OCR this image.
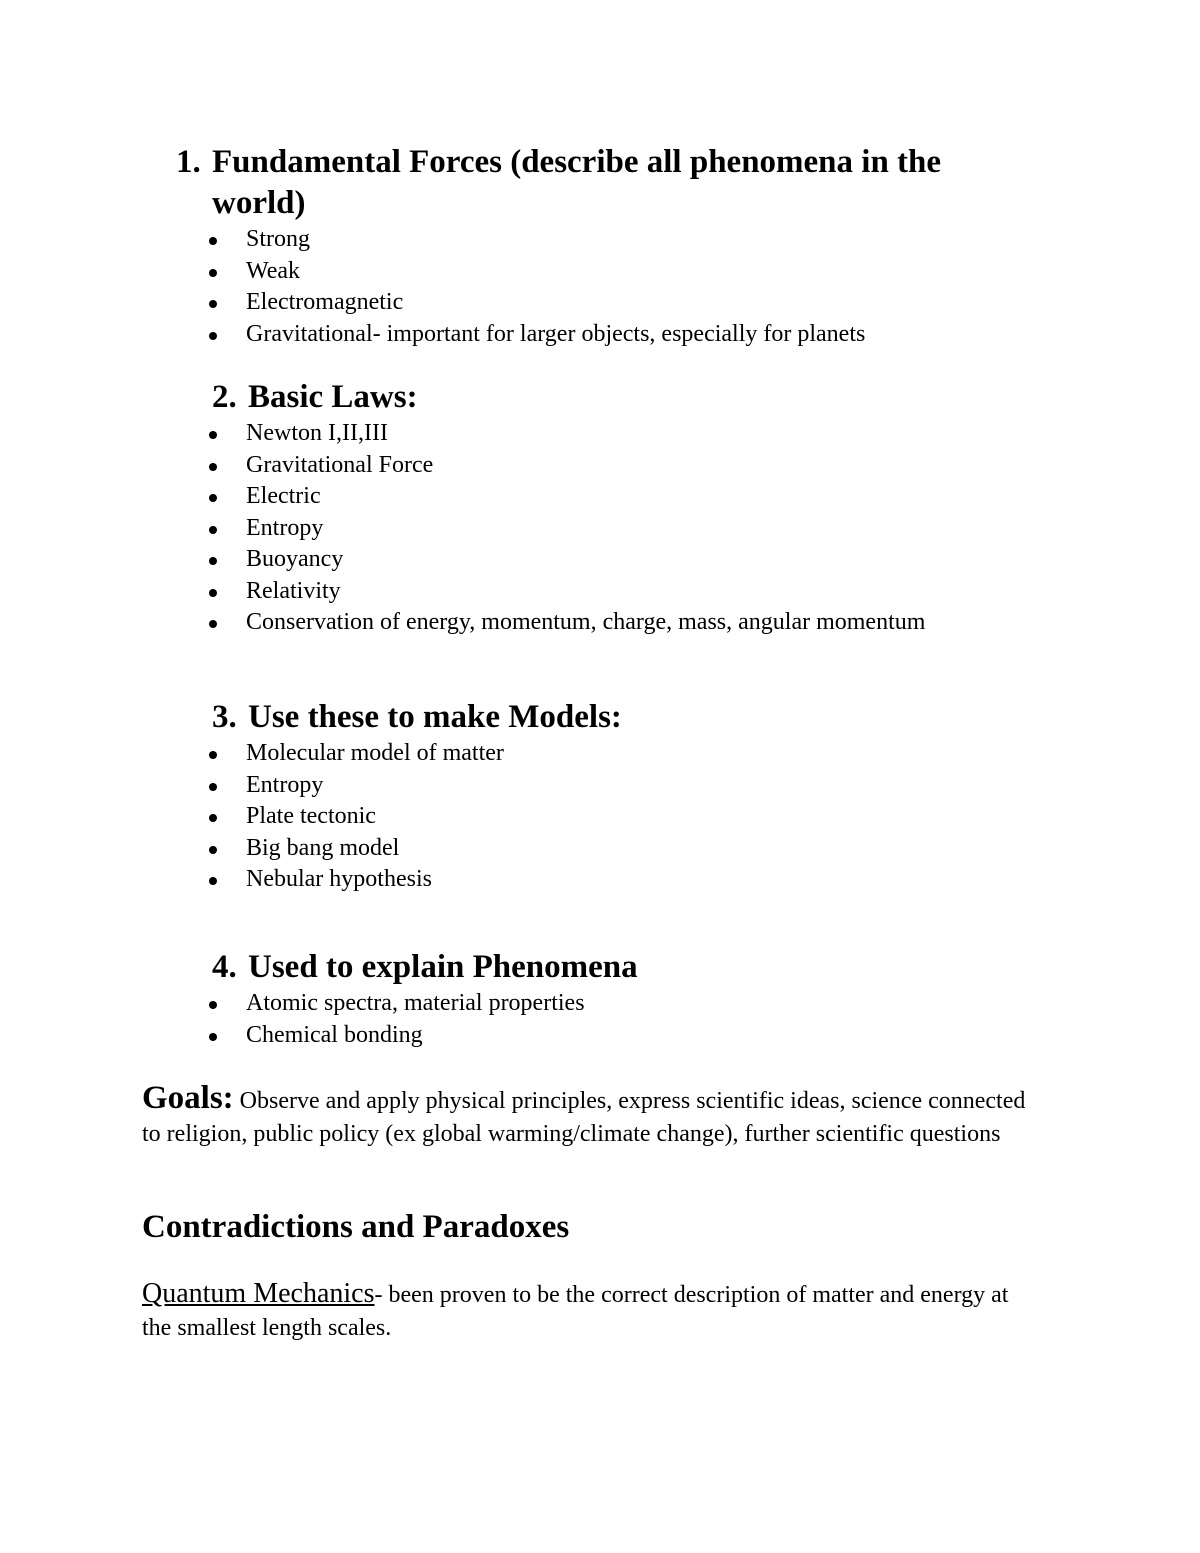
1. Fundamental Forces (describe all phenomena in the world)
Strong
Weak
Electromagnetic
Gravitational- important for larger objects, especially for planets
2. Basic Laws:
Newton I,II,III
Gravitational Force
Electric
Entropy
Buoyancy
Relativity
Conservation of energy, momentum, charge, mass, angular momentum
3. Use these to make Models:
Molecular model of matter
Entropy
Plate tectonic
Big bang model
Nebular hypothesis
4. Used to explain Phenomena
Atomic spectra, material properties
Chemical bonding

Goals: Observe and apply physical principles, express scientific ideas, science connected to religion, public policy (ex global warming/climate change), further scientific questions

Contradictions and Paradoxes

Quantum Mechanics- been proven to be the correct description of matter and energy at the smallest length scales.
